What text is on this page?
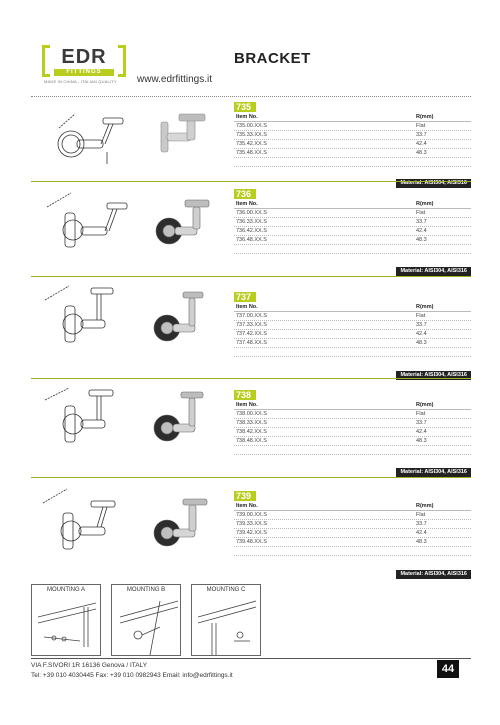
EDR
FITTINGS
MADE IN CHINA - ITALIAN QUALITY	www.edrfittings.it
BRACKET
735
Item No.	R(mm)
735.00.XX.S	Flat
735.33.XX.S	33.7
735.42.XX.S	42.4
735.48.XX.S	48.3
Material: AISI304, AISI316
736
Item No.	R(mm)
736.00.XX.S	Flat
736.33.XX.S	33.7
736.42.XX.S	42.4
736.48.XX.S	48.3
Material: AISI304, AISI316
737
Item No.	R(mm)
737.00.XX.S	Flat
737.33.XX.S	33.7
737.42.XX.S	42.4
737.48.XX.S	48.3
Material: AISI304, AISI316
738
Item No.	R(mm)
738.00.XX.S	Flat
738.33.XX.S	33.7
738.42.XX.S	42.4
738.48.XX.S	48.3
Material: AISI304, AISI316
739
Item No.	R(mm)
739.00.XX.S	Flat
739.33.XX.S	33.7
739.42.XX.S	42.4
739.48.XX.S	48.3
Material: AISI304, AISI316
MOUNTING A	MOUNTING B	MOUNTING C
VIA F.SIVORI 1R 16136 Genova / ITALY
Tel: +39 010 4030445 Fax: +39 010 0982943 Email: info@edrfittings.it
44
